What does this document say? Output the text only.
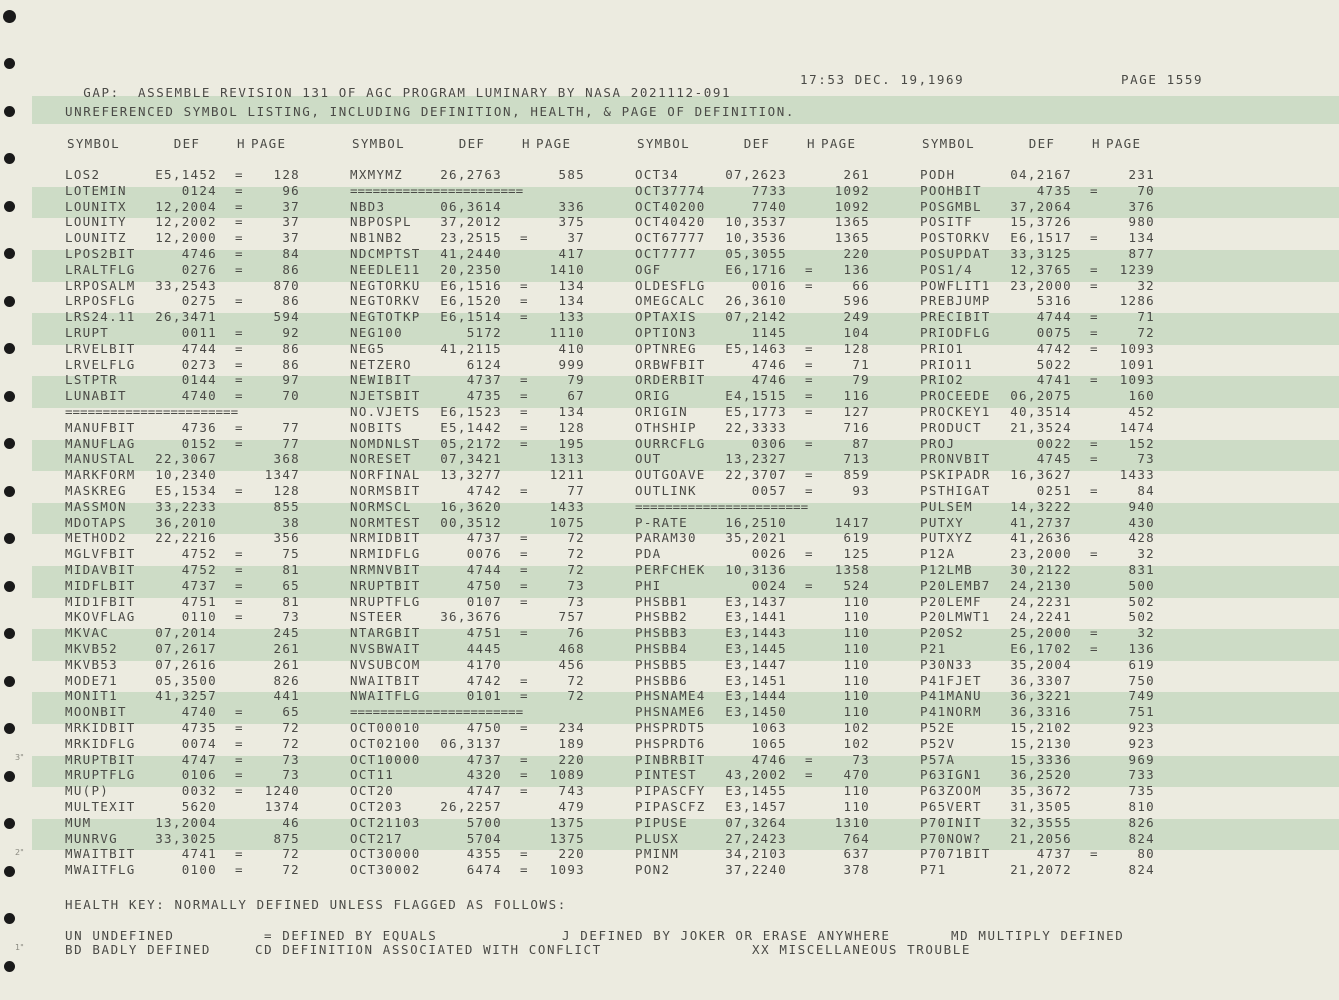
GAP:  ASSEMBLE REVISION 131 OF AGC PROGRAM LUMINARY BY NASA 2021112-091

17:53 DEC. 19,1969	PAGE 1559
UNREFERENCED SYMBOL LISTING, INCLUDING DEFINITION, HEALTH, & PAGE OF DEFINITION.
SYMBOL	DEF	H PAGE	SYMBOL	DEF	H PAGE	SYMBOL	DEF	H PAGE	SYMBOL	DEF	H PAGE
LOS2	E5,1452 =	128
LOTEMIN	0124 =	96
LOUNITX	12,2004 =	37
LOUNITY	12,2002 =	37
LOUNITZ	12,2000 =	37
LPOS2BIT	4746 =	84
LRALTFLG	0276 =	86
LRPOSALM	33,2543	870
LRPOSFLG	0275 =	86
LRS24.11	26,3471	594
LRUPT	0011 =	92
LRVELBIT	4744 =	86
LRVELFLG	0273 =	86
LSTPTR	0144 =	97
LUNABIT	4740 =	70
=======================
MANUFBIT	4736 =	77
MANUFLAG	0152 =	77
MANUSTAL	22,3067	368
MARKFORM	10,2340	1347
MASKREG	E5,1534 =	128
MASSMON	33,2233	855
MDOTAPS	36,2010	38
METHOD2	22,2216	356
MGLVFBIT	4752 =	75
MIDAVBIT	4752 =	81
MIDFLBIT	4737 =	65
MID1FBIT	4751 =	81
MKOVFLAG	0110 =	73
MKVAC	07,2014	245
MKVB52	07,2617	261
MKVB53	07,2616	261
MODE71	05,3500	826
MONIT1	41,3257	441
MOONBIT	4740 =	65
MRKIDBIT	4735 =	72
MRKIDFLG	0074 =	72
MRUPTBIT	4747 =	73
MRUPTFLG	0106 =	73
MU(P)	0032 =	1240
MULTEXIT	5620	1374
MUM	13,2004	46
MUNRVG	33,3025	875
MWAITBIT	4741 =	72
MWAITFLG	0100 =	72
MXMYMZ	26,2763	585
=======================
NBD3	06,3614	336
NBPOSPL	37,2012	375
NB1NB2	23,2515 =	37
NDCMPTST	41,2440	417
NEEDLE11	20,2350	1410
NEGTORKU	E6,1516 =	134
NEGTORKV	E6,1520 =	134
NEGTOTKP	E6,1514 =	133
NEG100	5172	1110
NEG5	41,2115	410
NETZERO	6124	999
NEWIBIT	4737 =	79
NJETSBIT	4735 =	67
NO.VJETS	E6,1523 =	134
NOBITS	E5,1442 =	128
NOMDNLST	05,2172 =	195
NORESET	07,3421	1313
NORFINAL	13,3277	1211
NORMSBIT	4742 =	77
NORMSCL	16,3620	1433
NORMTEST	00,3512	1075
NRMIDBIT	4737 =	72
NRMIDFLG	0076 =	72
NRMNVBIT	4744 =	72
NRUPTBIT	4750 =	73
NRUPTFLG	0107 =	73
NSTEER	36,3676	757
NTARGBIT	4751 =	76
NVSBWAIT	4445	468
NVSUBCOM	4170	456
NWAITBIT	4742 =	72
NWAITFLG	0101 =	72
=======================
OCT00010	4750 =	234
OCT02100	06,3137	189
OCT10000	4737 =	220
OCT11	4320 =	1089
OCT20	4747 =	743
OCT203	26,2257	479
OCT21103	5700	1375
OCT217	5704	1375
OCT30000	4355 =	220
OCT30002	6474 =	1093
OCT34	07,2623	261
OCT37774	7733	1092
OCT40200	7740	1092
OCT40420	10,3537	1365
OCT67777	10,3536	1365
OCT7777	05,3055	220
OGF	E6,1716 =	136
OLDESFLG	0016 =	66
OMEGCALC	26,3610	596
OPTAXIS	07,2142	249
OPTION3	1145	104
OPTNREG	E5,1463 =	128
ORBWFBIT	4746 =	71
ORDERBIT	4746 =	79
ORIG	E4,1515 =	116
ORIGIN	E5,1773 =	127
OTHSHIP	22,3333	716
OURRCFLG	0306 =	87
OUT	13,2327	713
OUTGOAVE	22,3707 =	859
OUTLINK	0057 =	93
=======================
P-RATE	16,2510	1417
PARAM30	35,2021	619
PDA	0026 =	125
PERFCHEK	10,3136	1358
PHI	0024 =	524
PHSBB1	E3,1437	110
PHSBB2	E3,1441	110
PHSBB3	E3,1443	110
PHSBB4	E3,1445	110
PHSBB5	E3,1447	110
PHSBB6	E3,1451	110
PHSNAME4	E3,1444	110
PHSNAME6	E3,1450	110
PHSPRDT5	1063	102
PHSPRDT6	1065	102
PINBRBIT	4746 =	73
PINTEST	43,2002 =	470
PIPASCFY	E3,1455	110
PIPASCFZ	E3,1457	110
PIPUSE	07,3264	1310
PLUSX	27,2423	764
PMINM	34,2103	637
PON2	37,2240	378
PODH	04,2167	231
POOHBIT	4735 =	70
POSGMBL	37,2064	376
POSITF	15,3726	980
POSTORKV	E6,1517 =	134
POSUPDAT	33,3125	877
POS1/4	12,3765 =	1239
POWFLIT1	23,2000 =	32
PREBJUMP	5316	1286
PRECIBIT	4744 =	71
PRIODFLG	0075 =	72
PRIO1	4742 =	1093
PRIO11	5022	1091
PRIO2	4741 =	1093
PROCEEDE	06,2075	160
PROCKEY1	40,3514	452
PRODUCT	21,3524	1474
PROJ	0022 =	152
PRONVBIT	4745 =	73
PSKIPADR	16,3627	1433
PSTHIGAT	0251 =	84
PULSEM	14,3222	940
PUTXY	41,2737	430
PUTXYZ	41,2636	428
P12A	23,2000 =	32
P12LMB	30,2122	831
P20LEMB7	24,2130	500
P20LEMF	24,2231	502
P20LMWT1	24,2241	502
P20S2	25,2000 =	32
P21	E6,1702 =	136
P30N33	35,2004	619
P41FJET	36,3307	750
P41MANU	36,3221	749
P41NORM	36,3316	751
P52E	15,2102	923
P52V	15,2130	923
P57A	15,3336	969
P63IGN1	36,2520	733
P63ZOOM	35,3672	735
P65VERT	31,3505	810
P70INIT	32,3555	826
P70NOW?	21,2056	824
P7071BIT	4737 =	80
P71	21,2072	824
HEALTH KEY: NORMALLY DEFINED UNLESS FLAGGED AS FOLLOWS:
UN UNDEFINED	= DEFINED BY EQUALS	J DEFINED BY JOKER OR ERASE ANYWHERE	MD MULTIPLY DEFINED
BD BADLY DEFINED	CD DEFINITION ASSOCIATED WITH CONFLICT	XX MISCELLANEOUS TROUBLE
3"
2"
1"
